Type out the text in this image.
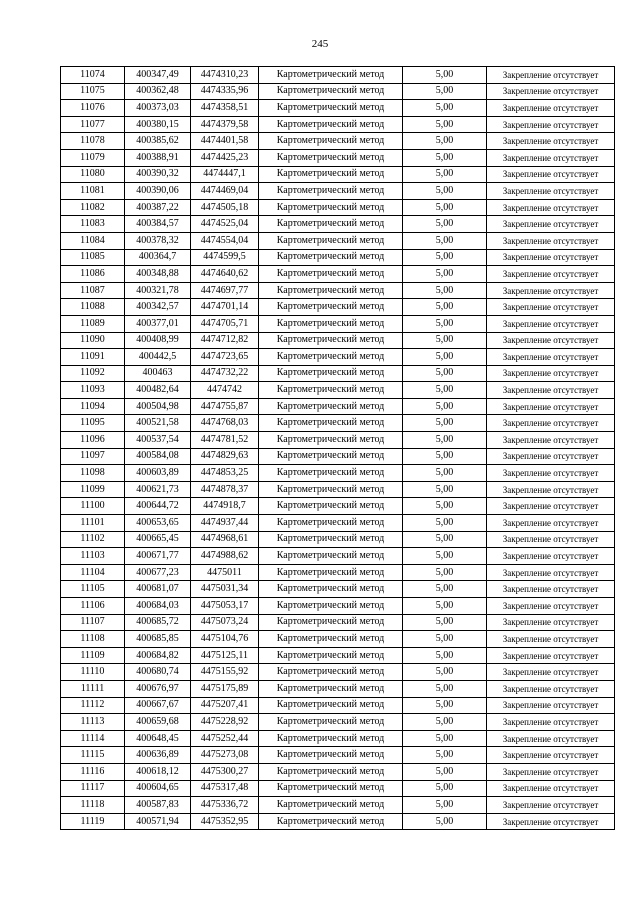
245
11074	400347,49	4474310,23	Картометрический метод	5,00	Закрепление отсутствует
11075	400362,48	4474335,96	Картометрический метод	5,00	Закрепление отсутствует
11076	400373,03	4474358,51	Картометрический метод	5,00	Закрепление отсутствует
11077	400380,15	4474379,58	Картометрический метод	5,00	Закрепление отсутствует
11078	400385,62	4474401,58	Картометрический метод	5,00	Закрепление отсутствует
11079	400388,91	4474425,23	Картометрический метод	5,00	Закрепление отсутствует
11080	400390,32	4474447,1	Картометрический метод	5,00	Закрепление отсутствует
11081	400390,06	4474469,04	Картометрический метод	5,00	Закрепление отсутствует
11082	400387,22	4474505,18	Картометрический метод	5,00	Закрепление отсутствует
11083	400384,57	4474525,04	Картометрический метод	5,00	Закрепление отсутствует
11084	400378,32	4474554,04	Картометрический метод	5,00	Закрепление отсутствует
11085	400364,7	4474599,5	Картометрический метод	5,00	Закрепление отсутствует
11086	400348,88	4474640,62	Картометрический метод	5,00	Закрепление отсутствует
11087	400321,78	4474697,77	Картометрический метод	5,00	Закрепление отсутствует
11088	400342,57	4474701,14	Картометрический метод	5,00	Закрепление отсутствует
11089	400377,01	4474705,71	Картометрический метод	5,00	Закрепление отсутствует
11090	400408,99	4474712,82	Картометрический метод	5,00	Закрепление отсутствует
11091	400442,5	4474723,65	Картометрический метод	5,00	Закрепление отсутствует
11092	400463	4474732,22	Картометрический метод	5,00	Закрепление отсутствует
11093	400482,64	4474742	Картометрический метод	5,00	Закрепление отсутствует
11094	400504,98	4474755,87	Картометрический метод	5,00	Закрепление отсутствует
11095	400521,58	4474768,03	Картометрический метод	5,00	Закрепление отсутствует
11096	400537,54	4474781,52	Картометрический метод	5,00	Закрепление отсутствует
11097	400584,08	4474829,63	Картометрический метод	5,00	Закрепление отсутствует
11098	400603,89	4474853,25	Картометрический метод	5,00	Закрепление отсутствует
11099	400621,73	4474878,37	Картометрический метод	5,00	Закрепление отсутствует
11100	400644,72	4474918,7	Картометрический метод	5,00	Закрепление отсутствует
11101	400653,65	4474937,44	Картометрический метод	5,00	Закрепление отсутствует
11102	400665,45	4474968,61	Картометрический метод	5,00	Закрепление отсутствует
11103	400671,77	4474988,62	Картометрический метод	5,00	Закрепление отсутствует
11104	400677,23	4475011	Картометрический метод	5,00	Закрепление отсутствует
11105	400681,07	4475031,34	Картометрический метод	5,00	Закрепление отсутствует
11106	400684,03	4475053,17	Картометрический метод	5,00	Закрепление отсутствует
11107	400685,72	4475073,24	Картометрический метод	5,00	Закрепление отсутствует
11108	400685,85	4475104,76	Картометрический метод	5,00	Закрепление отсутствует
11109	400684,82	4475125,11	Картометрический метод	5,00	Закрепление отсутствует
11110	400680,74	4475155,92	Картометрический метод	5,00	Закрепление отсутствует
11111	400676,97	4475175,89	Картометрический метод	5,00	Закрепление отсутствует
11112	400667,67	4475207,41	Картометрический метод	5,00	Закрепление отсутствует
11113	400659,68	4475228,92	Картометрический метод	5,00	Закрепление отсутствует
11114	400648,45	4475252,44	Картометрический метод	5,00	Закрепление отсутствует
11115	400636,89	4475273,08	Картометрический метод	5,00	Закрепление отсутствует
11116	400618,12	4475300,27	Картометрический метод	5,00	Закрепление отсутствует
11117	400604,65	4475317,48	Картометрический метод	5,00	Закрепление отсутствует
11118	400587,83	4475336,72	Картометрический метод	5,00	Закрепление отсутствует
11119	400571,94	4475352,95	Картометрический метод	5,00	Закрепление отсутствует
